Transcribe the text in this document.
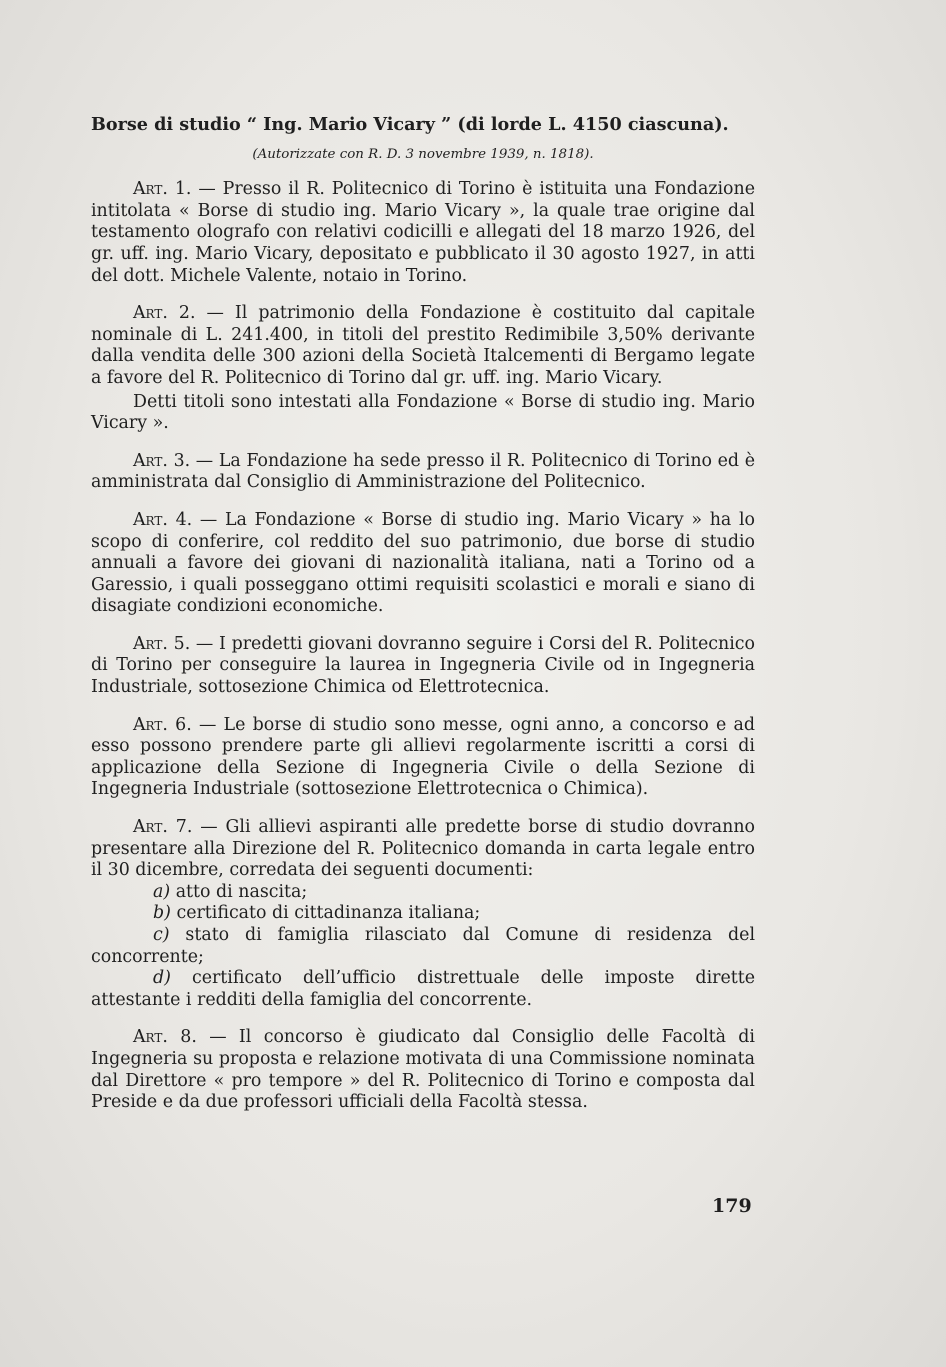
Borse di studio “ Ing. Mario Vicary ” (di lorde L. 4150 ciascuna).
(Autorizzate con R. D. 3 novembre 1939, n. 1818).

Art. 1. — Presso il R. Politecnico di Torino è istituita una Fondazione intitolata « Borse di studio ing. Mario Vicary », la quale trae origine dal testamento olografo con relativi codicilli e allegati del 18 marzo 1926, del gr. uff. ing. Mario Vicary, depositato e pubblicato il 30 agosto 1927, in atti del dott. Michele Valente, notaio in Torino.

Art. 2. — Il patrimonio della Fondazione è costituito dal capitale nominale di L. 241.400, in titoli del prestito Redimibile 3,50% derivante dalla vendita delle 300 azioni della Società Italcementi di Bergamo legate a favore del R. Politecnico di Torino dal gr. uff. ing. Mario Vicary.

Detti titoli sono intestati alla Fondazione « Borse di studio ing. Mario Vicary ».

Art. 3. — La Fondazione ha sede presso il R. Politecnico di Torino ed è amministrata dal Consiglio di Amministrazione del Politecnico.

Art. 4. — La Fondazione « Borse di studio ing. Mario Vicary » ha lo scopo di conferire, col reddito del suo patrimonio, due borse di studio annuali a favore dei giovani di nazionalità italiana, nati a Torino od a Garessio, i quali posseggano ottimi requisiti scolastici e morali e siano di disagiate condizioni economiche.

Art. 5. — I predetti giovani dovranno seguire i Corsi del R. Politecnico di Torino per conseguire la laurea in Ingegneria Civile od in Ingegneria Industriale, sottosezione Chimica od Elettrotecnica.

Art. 6. — Le borse di studio sono messe, ogni anno, a concorso e ad esso possono prendere parte gli allievi regolarmente iscritti a corsi di applicazione della Sezione di Ingegneria Civile o della Sezione di Ingegneria Industriale (sottosezione Elettrotecnica o Chimica).

Art. 7. — Gli allievi aspiranti alle predette borse di studio dovranno presentare alla Direzione del R. Politecnico domanda in carta legale entro il 30 dicembre, corredata dei seguenti documenti:

a) atto di nascita;

b) certificato di cittadinanza italiana;

c) stato di famiglia rilasciato dal Comune di residenza del concorrente;

d) certificato dell’ufficio distrettuale delle imposte dirette attestante i redditi della famiglia del concorrente.

Art. 8. — Il concorso è giudicato dal Consiglio delle Facoltà di Ingegneria su proposta e relazione motivata di una Commissione nominata dal Direttore « pro tempore » del R. Politecnico di Torino e composta dal Preside e da due professori ufficiali della Facoltà stessa.

179
